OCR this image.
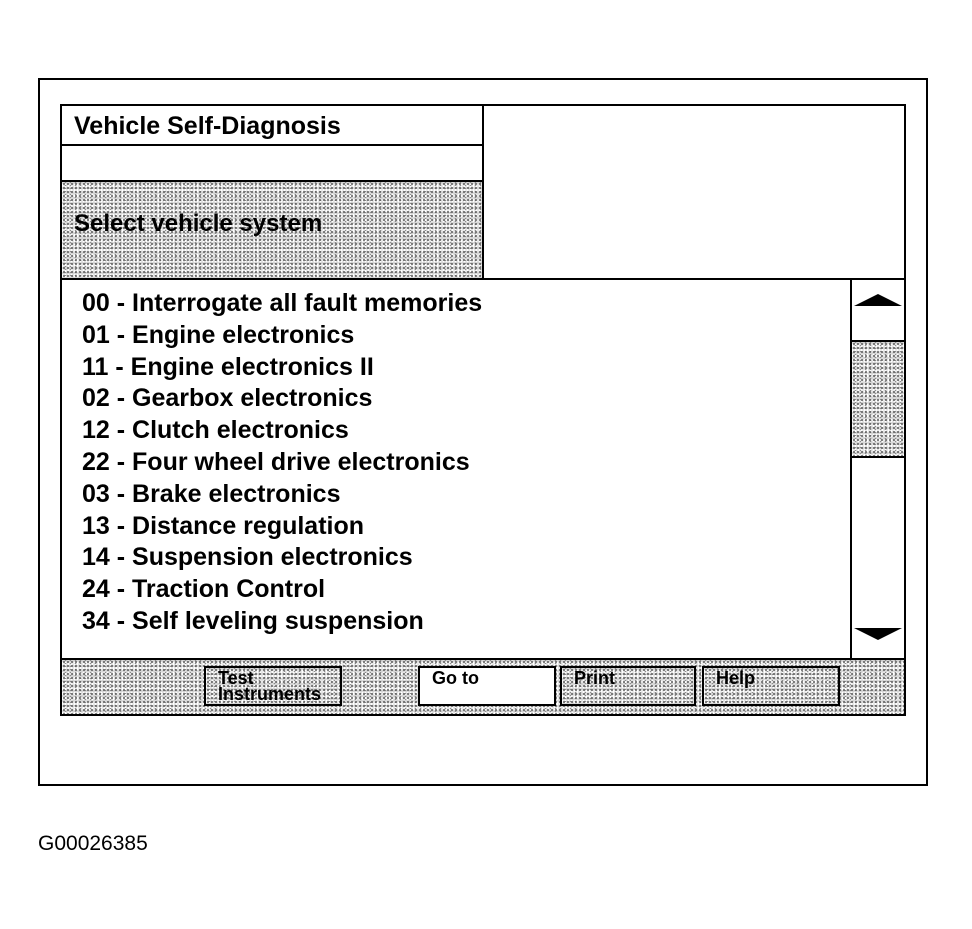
Vehicle Self-Diagnosis
Select vehicle system
00 - Interrogate all fault memories
01 - Engine electronics
11 - Engine electronics II
02 - Gearbox electronics
12 - Clutch electronics
22 - Four wheel drive electronics
03 - Brake electronics
13 - Distance regulation
14 - Suspension electronics
24 - Traction Control
34 - Self leveling suspension
Test
Instruments
Go to	Print	Help
G00026385
